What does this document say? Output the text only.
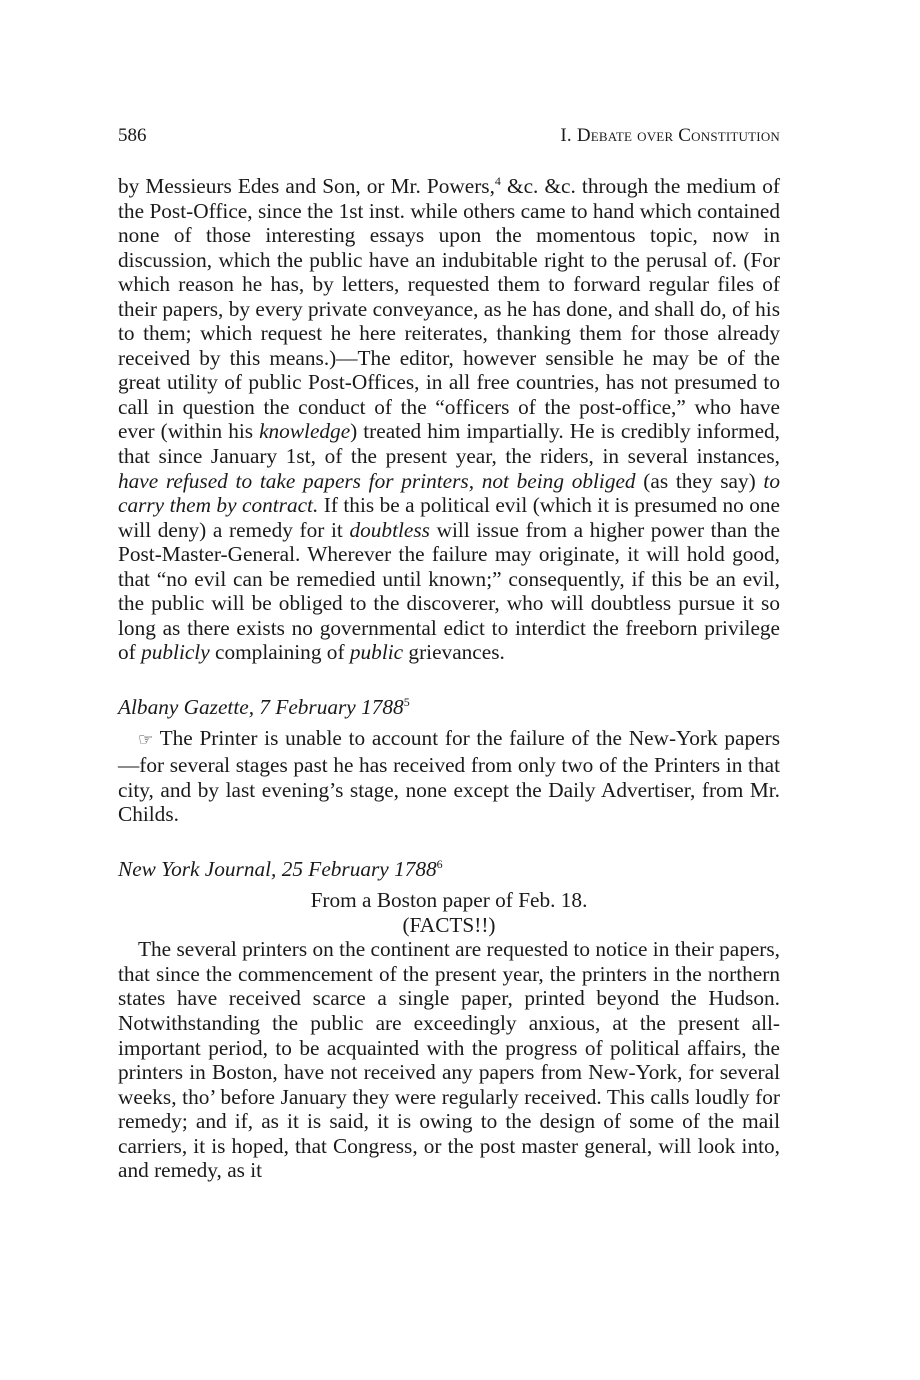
586	I. Debate over Constitution

by Messieurs Edes and Son, or Mr. Powers,$^4$ &c. &c. through the medium of the Post-Office, since the 1st inst. while others came to hand which contained none of those interesting essays upon the momentous topic, now in discussion, which the public have an indubitable right to the perusal of. (For which reason he has, by letters, requested them to forward regular files of their papers, by every private conveyance, as he has done, and shall do, of his to them; which request he here reiterates, thanking them for those already received by this means.)—The editor, however sensible he may be of the great utility of public Post-Offices, in all free countries, has not presumed to call in question the conduct of the “officers of the post-office,” who have ever (within his knowledge) treated him impartially. He is credibly informed, that since January 1st, of the present year, the riders, in several instances, have refused to take papers for printers, not being obliged (as they say) to carry them by contract. If this be a political evil (which it is presumed no one will deny) a remedy for it doubtless will issue from a higher power than the Post-Master-General. Wherever the failure may originate, it will hold good, that “no evil can be remedied until known;” consequently, if this be an evil, the public will be obliged to the discoverer, who will doubtless pursue it so long as there exists no governmental edict to interdict the freeborn privilege of publicly complaining of public grievances.

Albany Gazette, 7 February 1788$^5$

☞ The Printer is unable to account for the failure of the New-York papers—for several stages past he has received from only two of the Printers in that city, and by last evening’s stage, none except the Daily Advertiser, from Mr. Childs.

New York Journal, 25 February 1788$^6$

From a Boston paper of Feb. 18.

(FACTS!!)

The several printers on the continent are requested to notice in their papers, that since the commencement of the present year, the printers in the northern states have received scarce a single paper, printed beyond the Hudson. Notwithstanding the public are exceedingly anxious, at the present all-important period, to be acquainted with the progress of political affairs, the printers in Boston, have not received any papers from New-York, for several weeks, tho’ before January they were regularly received. This calls loudly for remedy; and if, as it is said, it is owing to the design of some of the mail carriers, it is hoped, that Congress, or the post master general, will look into, and remedy, as it
